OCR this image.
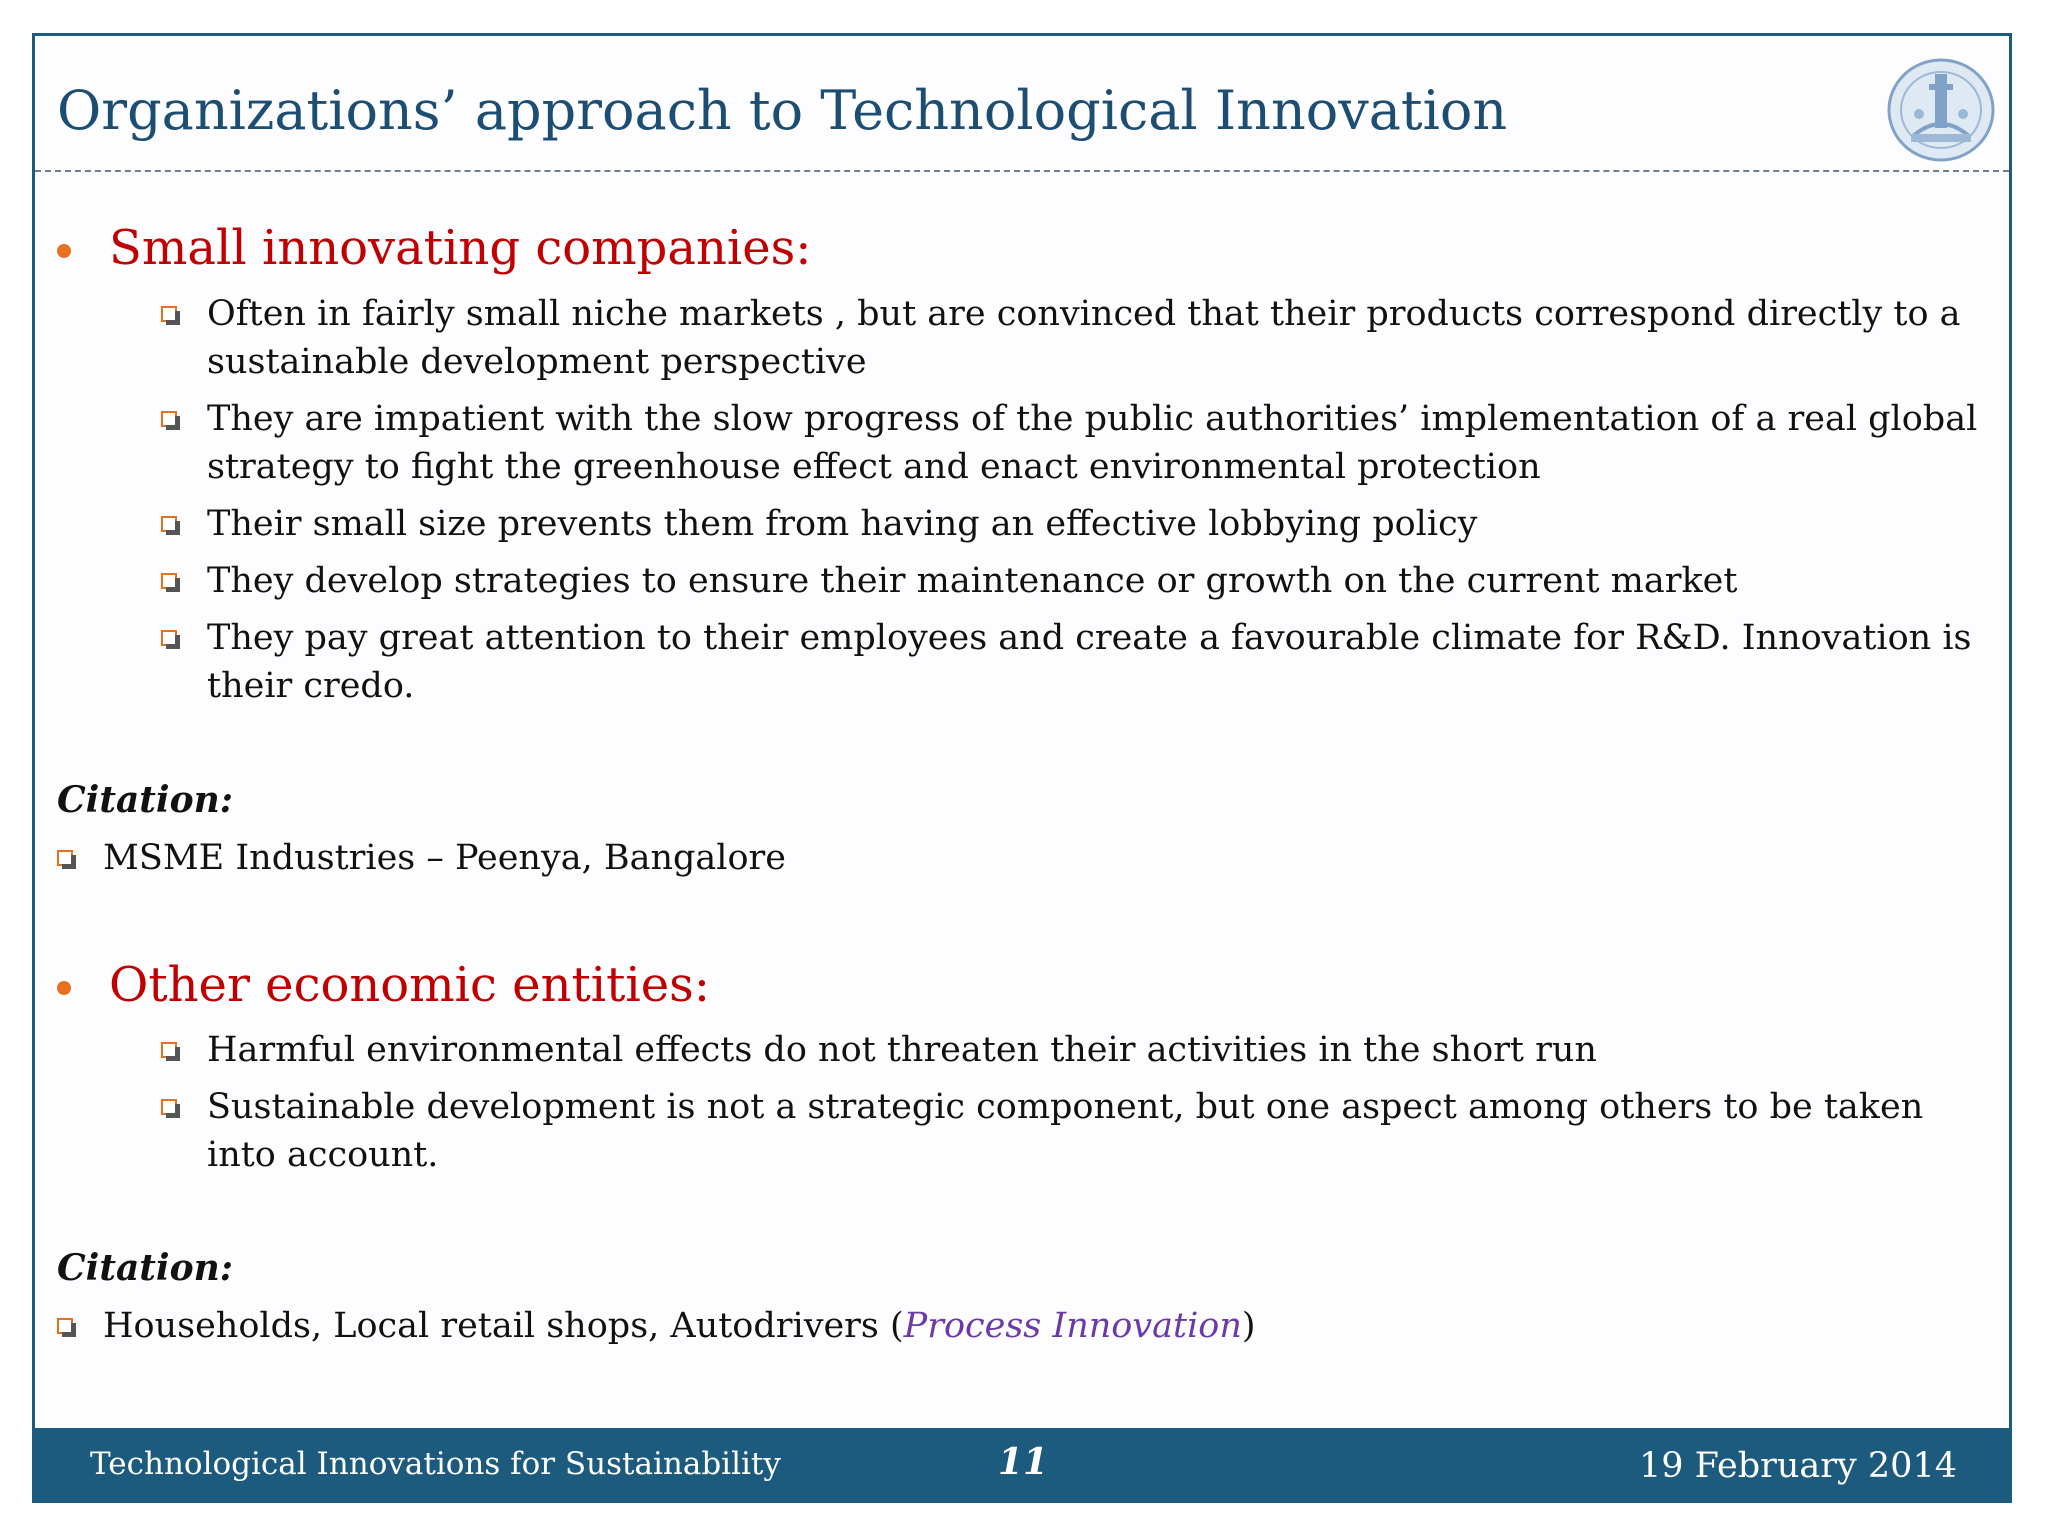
Organizations’ approach to Technological Innovation
Small innovating companies:
Often in fairly small niche markets , but are convinced that their products correspond directly to a sustainable development perspective
They are impatient with the slow progress of the public authorities’ implementation of a real global strategy to fight the greenhouse effect and enact environmental protection
Their small size prevents them from having an effective lobbying policy
They develop strategies to ensure their maintenance or growth on the current market
They pay great attention to their employees and create a favourable climate for R&D. Innovation is their credo.
Citation:
MSME Industries – Peenya, Bangalore
Other economic entities:
Harmful environmental effects do not threaten their activities in the short run
Sustainable development is not a strategic component, but one aspect among others to be taken into account.
Citation:
Households, Local retail shops, Autodrivers (Process Innovation)
Technological Innovations for Sustainability	11	19 February 2014
